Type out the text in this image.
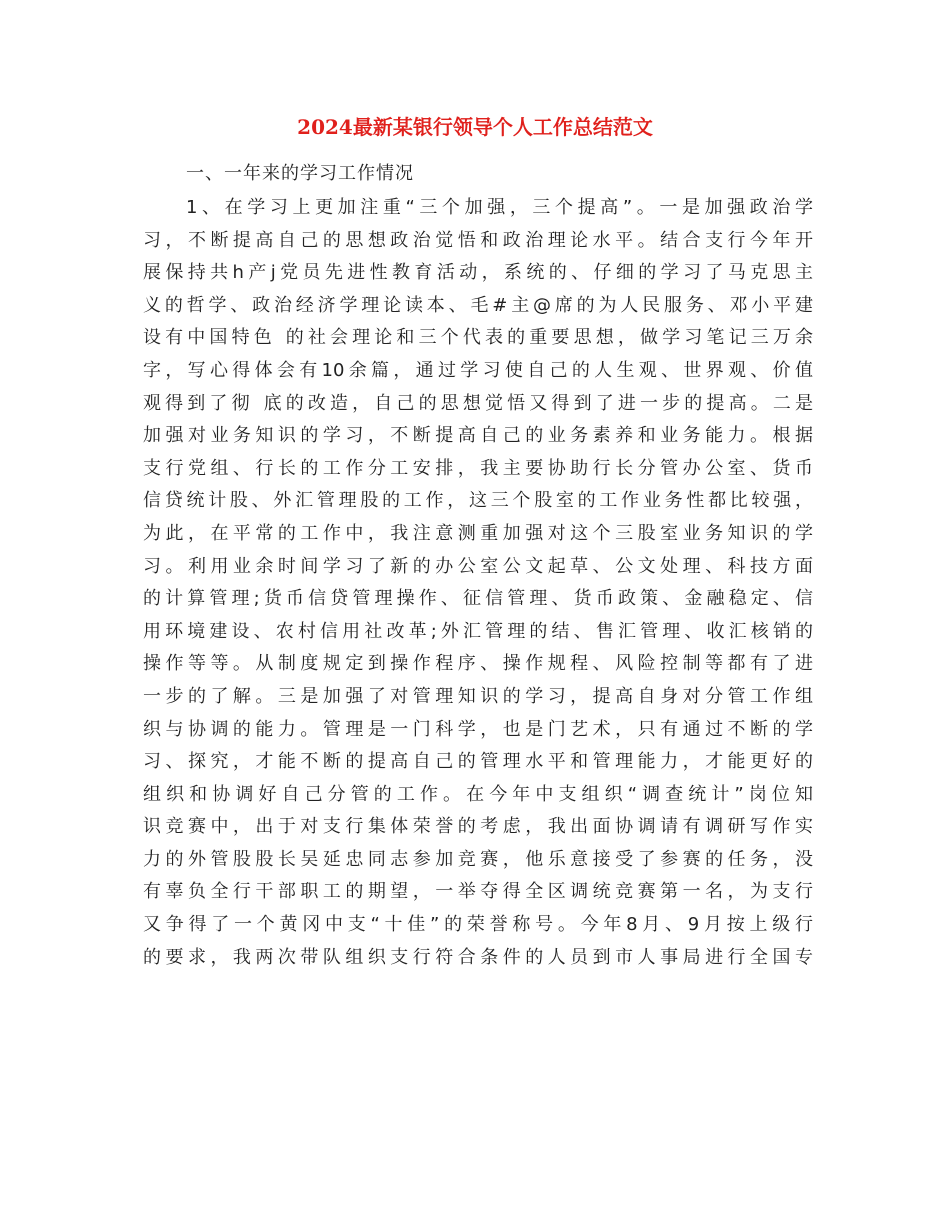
2024最新某银行领导个人工作总结范文

一、一年来的学习工作情况

1、在学习上更加注重“三个加强，三个提高”。一是加强政治学
习，不断提高自己的思想政治觉悟和政治理论水平。结合支行今年开
展保持共h产j党员先进性教育活动，系统的、仔细的学习了马克思主
义的哲学、政治经济学理论读本、毛#主@席的为人民服务、邓小平建
设有中国特色 的社会理论和三个代表的重要思想，做学习笔记三万余
字，写心得体会有10余篇，通过学习使自己的人生观、世界观、价值
观得到了彻 底的改造，自己的思想觉悟又得到了进一步的提高。二是
加强对业务知识的学习，不断提高自己的业务素养和业务能力。根据
支行党组、行长的工作分工安排，我主要协助行长分管办公室、货币
信贷统计股、外汇管理股的工作，这三个股室的工作业务性都比较强，
为此，在平常的工作中，我注意测重加强对这个三股室业务知识的学
习。利用业余时间学习了新的办公室公文起草、公文处理、科技方面
的计算管理;货币信贷管理操作、征信管理、货币政策、金融稳定、信
用环境建设、农村信用社改革;外汇管理的结、售汇管理、收汇核销的
操作等等。从制度规定到操作程序、操作规程、风险控制等都有了进
一步的了解。三是加强了对管理知识的学习，提高自身对分管工作组
织与协调的能力。管理是一门科学，也是门艺术，只有通过不断的学
习、探究，才能不断的提高自己的管理水平和管理能力，才能更好的
组织和协调好自己分管的工作。在今年中支组织“调查统计”岗位知
识竞赛中，出于对支行集体荣誉的考虑，我出面协调请有调研写作实
力的外管股股长吴延忠同志参加竞赛，他乐意接受了参赛的任务，没
有辜负全行干部职工的期望，一举夺得全区调统竞赛第一名，为支行
又争得了一个黄冈中支“十佳”的荣誉称号。今年8月、9月按上级行
的要求，我两次带队组织支行符合条件的人员到市人事局进行全国专
